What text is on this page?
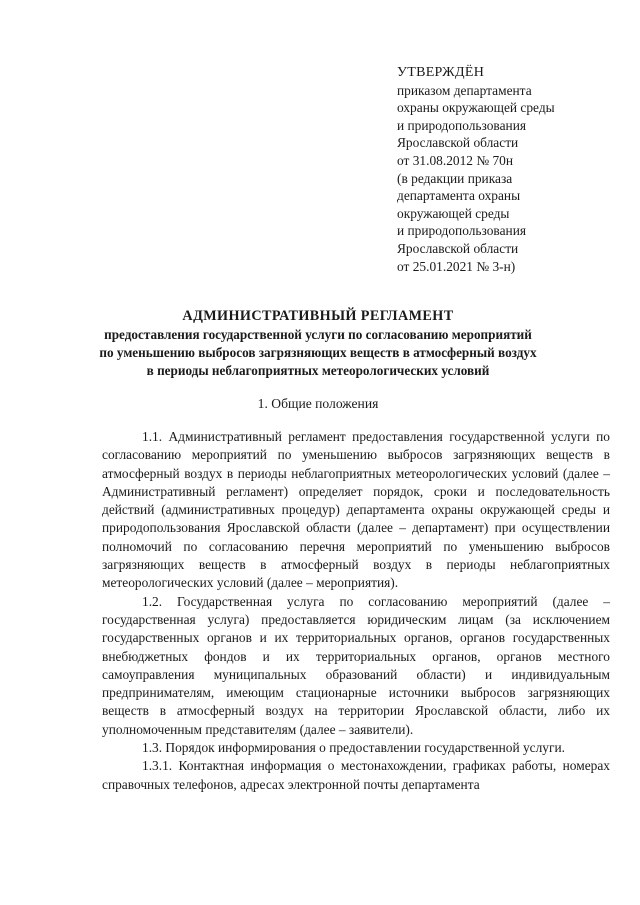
УТВЕРЖДЁН
приказом департамента
охраны окружающей среды
и природопользования
Ярославской области
от 31.08.2012 № 70н
(в редакции приказа
департамента охраны
окружающей среды
и природопользования
Ярославской области
от 25.01.2021 № 3-н)
АДМИНИСТРАТИВНЫЙ РЕГЛАМЕНТ
предоставления государственной услуги по согласованию мероприятий
по уменьшению выбросов загрязняющих веществ в атмосферный воздух
в периоды неблагоприятных метеорологических условий
1. Общие положения

1.1. Административный регламент предоставления государственной услуги по согласованию мероприятий по уменьшению выбросов загрязняющих веществ в атмосферный воздух в периоды неблагоприятных метеорологических условий (далее – Административный регламент) определяет порядок, сроки и последовательность действий (административных процедур) департамента охраны окружающей среды и природопользования Ярославской области (далее – департамент) при осуществлении полномочий по согласованию перечня мероприятий по уменьшению выбросов загрязняющих веществ в атмосферный воздух в периоды неблагоприятных метеорологических условий (далее – мероприятия).

1.2. Государственная услуга по согласованию мероприятий (далее – государственная услуга) предоставляется юридическим лицам (за исключением государственных органов и их территориальных органов, органов государственных внебюджетных фондов и их территориальных органов, органов местного самоуправления муниципальных образований области) и индивидуальным предпринимателям, имеющим стационарные источники выбросов загрязняющих веществ в атмосферный воздух на территории Ярославской области, либо их уполномоченным представителям (далее – заявители).

1.3. Порядок информирования о предоставлении государственной услуги.

1.3.1. Контактная информация о местонахождении, графиках работы, номерах справочных телефонов, адресах электронной почты департамента
